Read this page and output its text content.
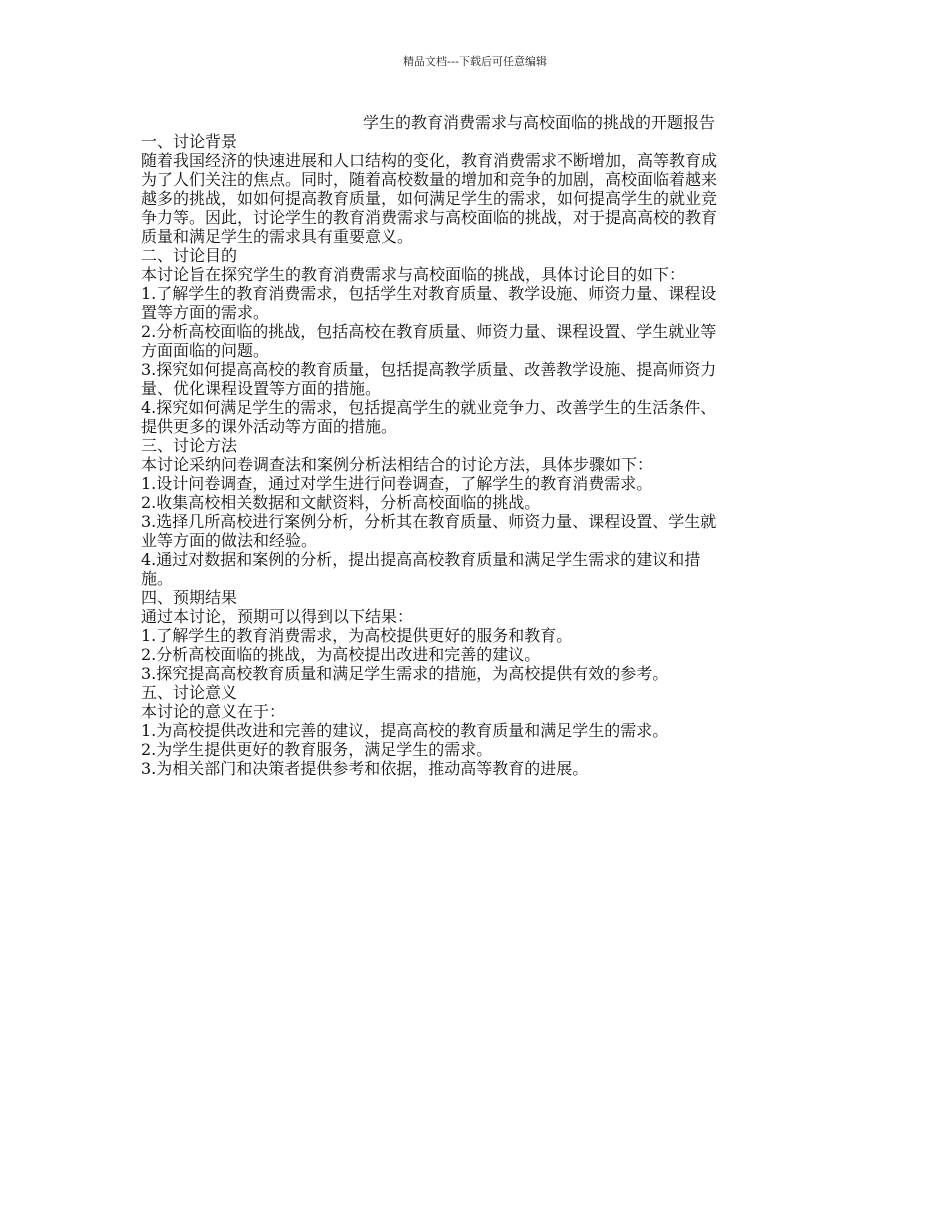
精品文档---下载后可任意编辑
学生的教育消费需求与高校面临的挑战的开题报告
一、讨论背景
随着我国经济的快速进展和人口结构的变化，教育消费需求不断增加，高等教育成
为了人们关注的焦点。同时，随着高校数量的增加和竞争的加剧，高校面临着越来
越多的挑战，如如何提高教育质量，如何满足学生的需求，如何提高学生的就业竞
争力等。因此，讨论学生的教育消费需求与高校面临的挑战，对于提高高校的教育
质量和满足学生的需求具有重要意义。
二、讨论目的
本讨论旨在探究学生的教育消费需求与高校面临的挑战，具体讨论目的如下：
1.了解学生的教育消费需求，包括学生对教育质量、教学设施、师资力量、课程设
置等方面的需求。
2.分析高校面临的挑战，包括高校在教育质量、师资力量、课程设置、学生就业等
方面面临的问题。
3.探究如何提高高校的教育质量，包括提高教学质量、改善教学设施、提高师资力
量、优化课程设置等方面的措施。
4.探究如何满足学生的需求，包括提高学生的就业竞争力、改善学生的生活条件、
提供更多的课外活动等方面的措施。
三、讨论方法
本讨论采纳问卷调查法和案例分析法相结合的讨论方法，具体步骤如下：
1.设计问卷调查，通过对学生进行问卷调查，了解学生的教育消费需求。
2.收集高校相关数据和文献资料，分析高校面临的挑战。
3.选择几所高校进行案例分析，分析其在教育质量、师资力量、课程设置、学生就
业等方面的做法和经验。
4.通过对数据和案例的分析，提出提高高校教育质量和满足学生需求的建议和措
施。
四、预期结果
通过本讨论，预期可以得到以下结果：
1.了解学生的教育消费需求，为高校提供更好的服务和教育。
2.分析高校面临的挑战，为高校提出改进和完善的建议。
3.探究提高高校教育质量和满足学生需求的措施，为高校提供有效的参考。
五、讨论意义
本讨论的意义在于：
1.为高校提供改进和完善的建议，提高高校的教育质量和满足学生的需求。
2.为学生提供更好的教育服务，满足学生的需求。
3.为相关部门和决策者提供参考和依据，推动高等教育的进展。
